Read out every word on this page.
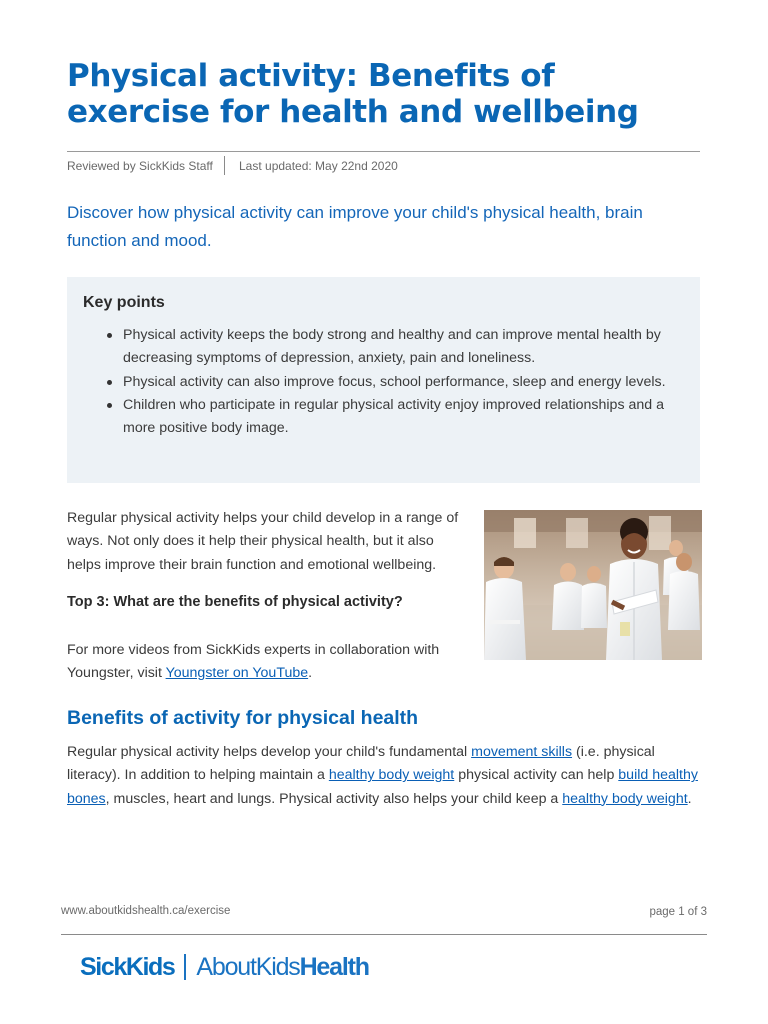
Physical activity: Benefits of exercise for health and wellbeing
Reviewed by SickKids Staff Last updated: May 22nd 2020
Discover how physical activity can improve your child's physical health, brain function and mood.
Key points
Physical activity keeps the body strong and healthy and can improve mental health by decreasing symptoms of depression, anxiety, pain and loneliness.
Physical activity can also improve focus, school performance, sleep and energy levels.
Children who participate in regular physical activity enjoy improved relationships and a more positive body image.
Regular physical activity helps your child develop in a range of ways. Not only does it help their physical health, but it also helps improve their brain function and emotional wellbeing.
Top 3: What are the benefits of physical activity?
For more videos from SickKids experts in collaboration with Youngster, visit Youngster on YouTube.
Benefits of activity for physical health
Regular physical activity helps develop your child's fundamental movement skills (i.e. physical literacy). In addition to helping maintain a healthy body weight physical activity can help build healthy bones, muscles, heart and lungs. Physical activity also helps your child keep a healthy body weight.
www.aboutkidshealth.ca/exercise	page 1 of 3
SickKids AboutKidsHealth
